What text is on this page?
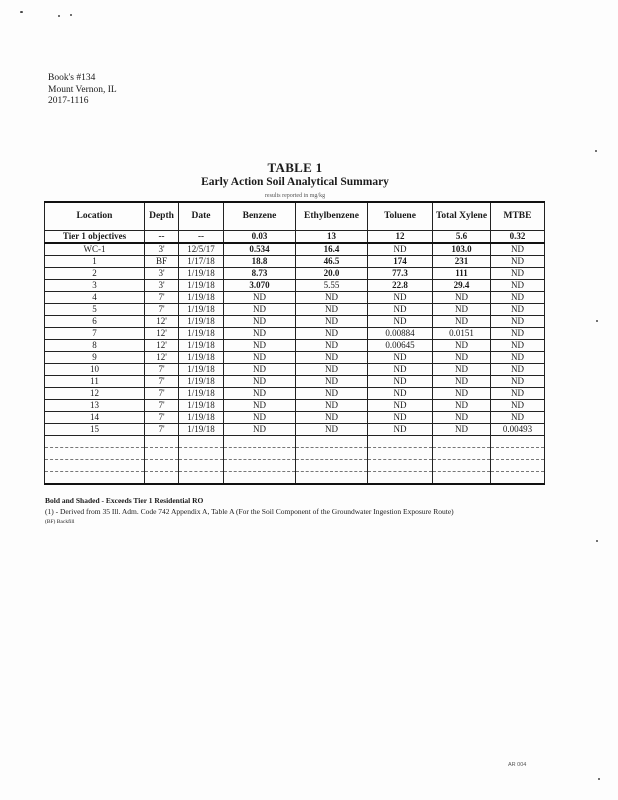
Book's #134
Mount Vernon, IL
2017-1116
TABLE 1
Early Action Soil Analytical Summary
results reported in mg/kg
Location	Depth	Date	Benzene	Ethylbenzene	Toluene	Total Xylene	MTBE
Tier 1 objectives	--	--	0.03	13	12	5.6	0.32
WC-1	3'	12/5/17	0.534	16.4	ND	103.0	ND
1	BF	1/17/18	18.8	46.5	174	231	ND
2	3'	1/19/18	8.73	20.0	77.3	111	ND
3	3'	1/19/18	3.070	5.55	22.8	29.4	ND
4	7'	1/19/18	ND	ND	ND	ND	ND
5	7'	1/19/18	ND	ND	ND	ND	ND
6	12'	1/19/18	ND	ND	ND	ND	ND
7	12'	1/19/18	ND	ND	0.00884	0.0151	ND
8	12'	1/19/18	ND	ND	0.00645	ND	ND
9	12'	1/19/18	ND	ND	ND	ND	ND
10	7'	1/19/18	ND	ND	ND	ND	ND
11	7'	1/19/18	ND	ND	ND	ND	ND
12	7'	1/19/18	ND	ND	ND	ND	ND
13	7'	1/19/18	ND	ND	ND	ND	ND
14	7'	1/19/18	ND	ND	ND	ND	ND
15	7'	1/19/18	ND	ND	ND	ND	0.00493

Bold and Shaded - Exceeds Tier 1 Residential RO
(1) - Derived from 35 Ill. Adm. Code 742 Appendix A, Table A (For the Soil Component of the Groundwater Ingestion Exposure Route)
(BF) Backfill
AR 004
